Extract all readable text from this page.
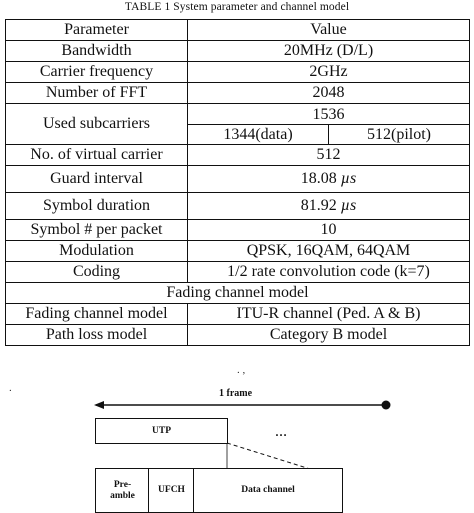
TABLE 1 System parameter and channel model
Parameter	Value
Bandwidth	20MHz (D/L)
Carrier frequency	2GHz
Number of FFT	2048
Used subcarriers	1536
1344(data) 512(pilot)

No. of virtual carrier	512
Guard interval	18.08 µs
Symbol duration	81.92 µs
Symbol # per packet	10
Modulation	QPSK, 16QAM, 64QAM
Coding	1/2 rate convolution code (k=7)
Fading channel model	
Fading channel model	ITU-R channel (Ped. A & B)
Path loss model	Category B model
.
. ,
1 frame
UTP	…
Pre-
amble
UFCH	Data channel
